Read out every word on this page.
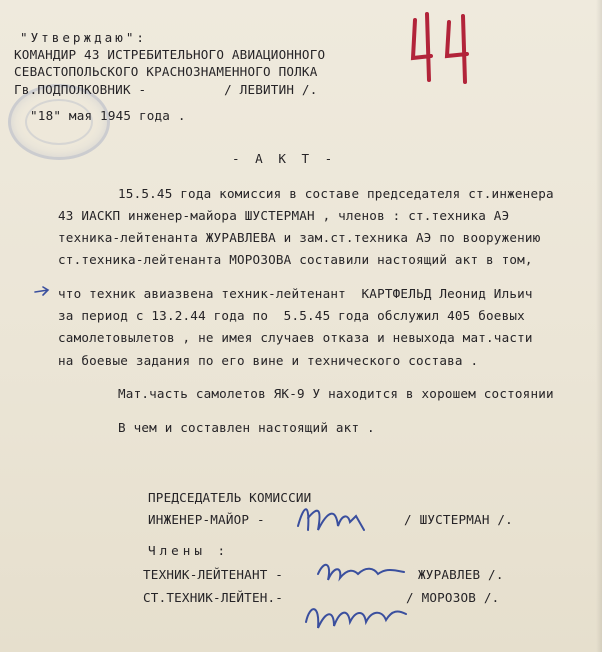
"Утверждаю":
КОМАНДИР 43 ИСТРЕБИТЕЛЬНОГО АВИАЦИОННОГО
СЕВАСТОПОЛЬСКОГО КРАСНОЗНАМЕННОГО ПОЛКА
Гв.ПОДПОЛКОВНИК -          / ЛЕВИТИН /.
"18" мая 1945 года .
- А К Т -
15.5.45 года комиссия в составе председателя ст.инженера
43 ИАСКП инженер-майора ШУСТЕРМАН , членов : ст.техника АЭ
техника-лейтенанта ЖУРАВЛЕВА и зам.ст.техника АЭ по вооружению
ст.техника-лейтенанта МОРОЗОВА составили настоящий акт в том,
что техник авиазвена техник-лейтенант  КАРТФЕЛЬД Леонид Ильич
за период с 13.2.44 года по  5.5.45 года обслужил 405 боевых
самолетовылетов , не имея случаев отказа и невыхода мат.части
на боевые задания по его вине и технического состава .
Мат.часть самолетов ЯК-9 У находится в хорошем состоянии
В чем и составлен настоящий акт .
ПРЕДСЕДАТЕЛЬ КОМИССИИ
ИНЖЕНЕР-МАЙОР -	/ ШУСТЕРМАН /.
Члены :
ТЕХНИК-ЛЕЙТЕНАНТ -	ЖУРАВЛЕВ /.
СТ.ТЕХНИК-ЛЕЙТЕН.-	/ МОРОЗОВ /.
